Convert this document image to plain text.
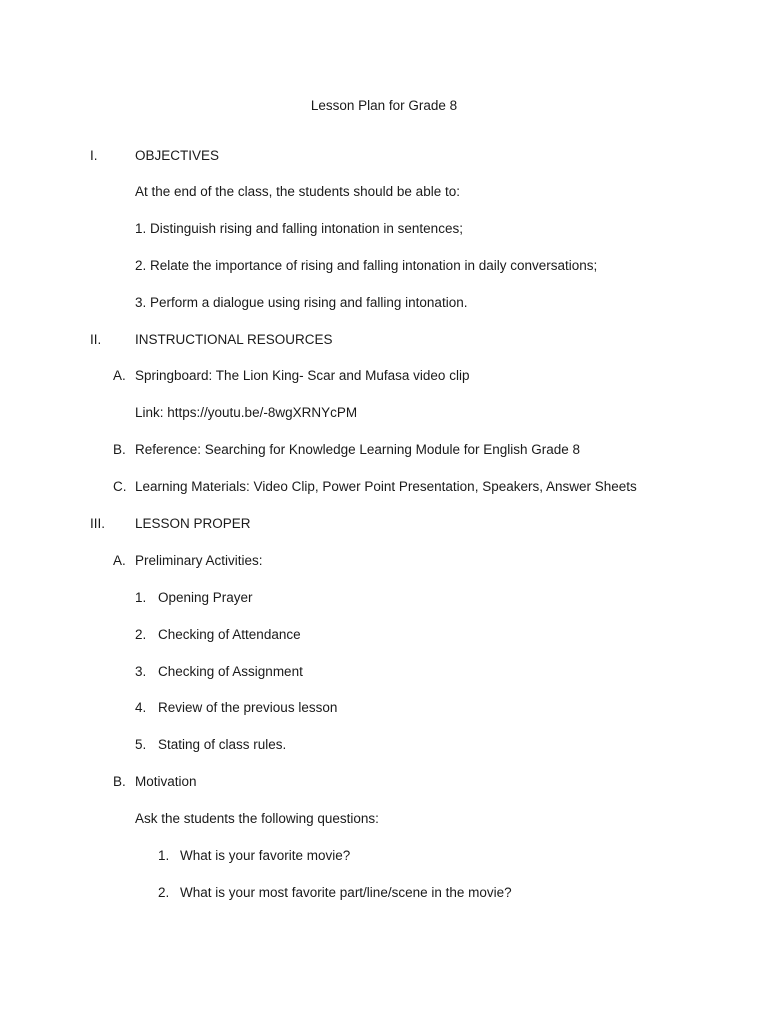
Lesson Plan for Grade 8
I.	OBJECTIVES
At the end of the class, the students should be able to:
1. Distinguish rising and falling intonation in sentences;
2. Relate the importance of rising and falling intonation in daily conversations;
3. Perform a dialogue using rising and falling intonation.
II. INSTRUCTIONAL RESOURCES
A. Springboard: The Lion King- Scar and Mufasa video clip
Link: https://youtu.be/-8wgXRNYcPM
B. Reference: Searching for Knowledge Learning Module for English Grade 8
C. Learning Materials: Video Clip, Power Point Presentation, Speakers, Answer Sheets
III. LESSON PROPER
A. Preliminary Activities:
1. Opening Prayer
2. Checking of Attendance
3. Checking of Assignment
4. Review of the previous lesson
5. Stating of class rules.
B. Motivation
Ask the students the following questions:
1. What is your favorite movie?
2. What is your most favorite part/line/scene in the movie?
